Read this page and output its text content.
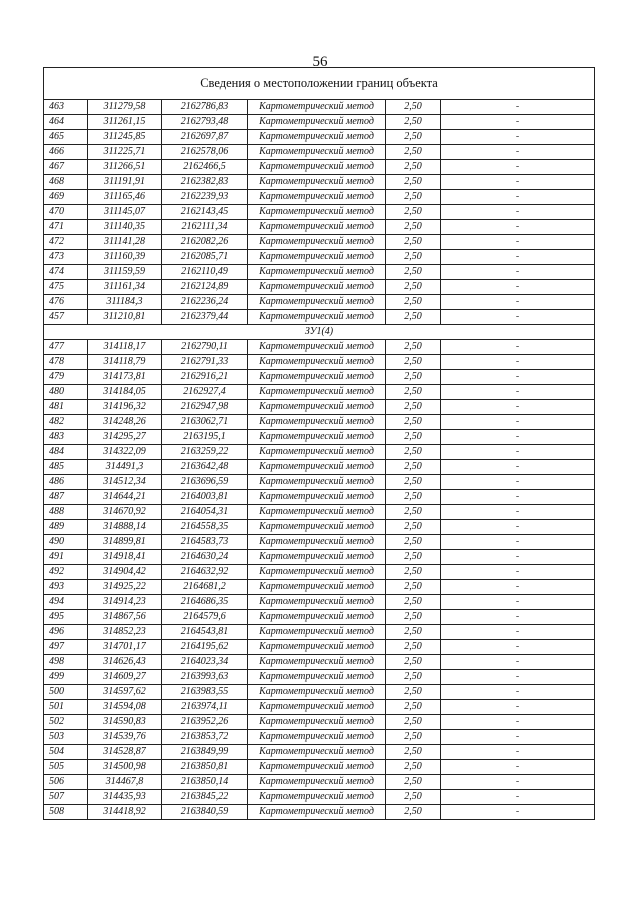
56
Сведения о местоположении границ объекта					
463	311279,58	2162786,83	Картометрический метод	2,50	-
464	311261,15	2162793,48	Картометрический метод	2,50	-
465	311245,85	2162697,87	Картометрический метод	2,50	-
466	311225,71	2162578,06	Картометрический метод	2,50	-
467	311266,51	2162466,5	Картометрический метод	2,50	-
468	311191,91	2162382,83	Картометрический метод	2,50	-
469	311165,46	2162239,93	Картометрический метод	2,50	-
470	311145,07	2162143,45	Картометрический метод	2,50	-
471	311140,35	2162111,34	Картометрический метод	2,50	-
472	311141,28	2162082,26	Картометрический метод	2,50	-
473	311160,39	2162085,71	Картометрический метод	2,50	-
474	311159,59	2162110,49	Картометрический метод	2,50	-
475	311161,34	2162124,89	Картометрический метод	2,50	-
476	311184,3	2162236,24	Картометрический метод	2,50	-
457	311210,81	2162379,44	Картометрический метод	2,50	-
ЗУ1(4)					
477	314118,17	2162790,11	Картометрический метод	2,50	-
478	314118,79	2162791,33	Картометрический метод	2,50	-
479	314173,81	2162916,21	Картометрический метод	2,50	-
480	314184,05	2162927,4	Картометрический метод	2,50	-
481	314196,32	2162947,98	Картометрический метод	2,50	-
482	314248,26	2163062,71	Картометрический метод	2,50	-
483	314295,27	2163195,1	Картометрический метод	2,50	-
484	314322,09	2163259,22	Картометрический метод	2,50	-
485	314491,3	2163642,48	Картометрический метод	2,50	-
486	314512,34	2163696,59	Картометрический метод	2,50	-
487	314644,21	2164003,81	Картометрический метод	2,50	-
488	314670,92	2164054,31	Картометрический метод	2,50	-
489	314888,14	2164558,35	Картометрический метод	2,50	-
490	314899,81	2164583,73	Картометрический метод	2,50	-
491	314918,41	2164630,24	Картометрический метод	2,50	-
492	314904,42	2164632,92	Картометрический метод	2,50	-
493	314925,22	2164681,2	Картометрический метод	2,50	-
494	314914,23	2164686,35	Картометрический метод	2,50	-
495	314867,56	2164579,6	Картометрический метод	2,50	-
496	314852,23	2164543,81	Картометрический метод	2,50	-
497	314701,17	2164195,62	Картометрический метод	2,50	-
498	314626,43	2164023,34	Картометрический метод	2,50	-
499	314609,27	2163993,63	Картометрический метод	2,50	-
500	314597,62	2163983,55	Картометрический метод	2,50	-
501	314594,08	2163974,11	Картометрический метод	2,50	-
502	314590,83	2163952,26	Картометрический метод	2,50	-
503	314539,76	2163853,72	Картометрический метод	2,50	-
504	314528,87	2163849,99	Картометрический метод	2,50	-
505	314500,98	2163850,81	Картометрический метод	2,50	-
506	314467,8	2163850,14	Картометрический метод	2,50	-
507	314435,93	2163845,22	Картометрический метод	2,50	-
508	314418,92	2163840,59	Картометрический метод	2,50	-
